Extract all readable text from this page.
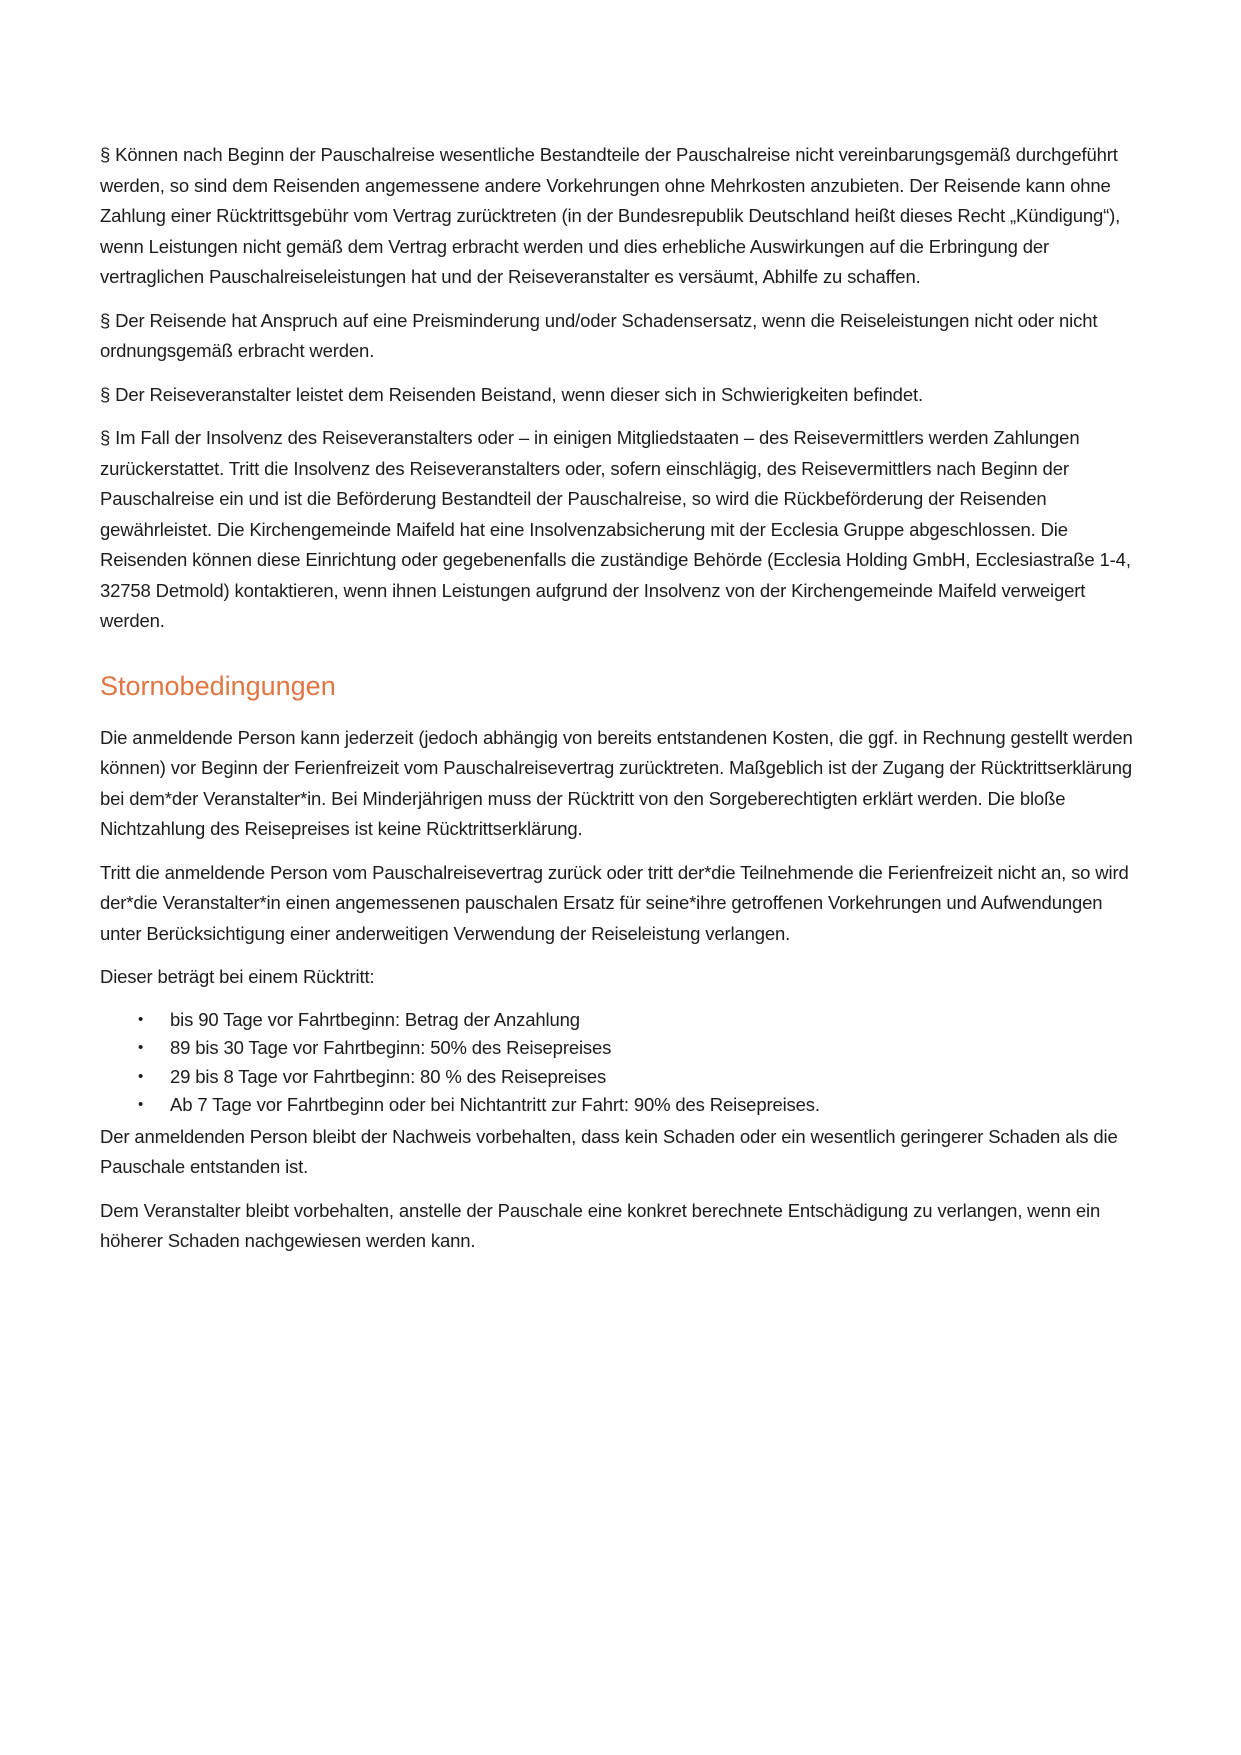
§ Können nach Beginn der Pauschalreise wesentliche Bestandteile der Pauschalreise nicht vereinbarungsgemäß durchgeführt werden, so sind dem Reisenden angemessene andere Vorkehrungen ohne Mehrkosten anzubieten. Der Reisende kann ohne Zahlung einer Rücktrittsgebühr vom Vertrag zurücktreten (in der Bundesrepublik Deutschland heißt dieses Recht „Kündigung“), wenn Leistungen nicht gemäß dem Vertrag erbracht werden und dies erhebliche Auswirkungen auf die Erbringung der vertraglichen Pauschalreiseleistungen hat und der Reiseveranstalter es versäumt, Abhilfe zu schaffen.

§ Der Reisende hat Anspruch auf eine Preisminderung und/oder Schadensersatz, wenn die Reiseleistungen nicht oder nicht ordnungsgemäß erbracht werden.

§ Der Reiseveranstalter leistet dem Reisenden Beistand, wenn dieser sich in Schwierigkeiten befindet.

§ Im Fall der Insolvenz des Reiseveranstalters oder – in einigen Mitgliedstaaten – des Reisevermittlers werden Zahlungen zurückerstattet. Tritt die Insolvenz des Reiseveranstalters oder, sofern einschlägig, des Reisevermittlers nach Beginn der Pauschalreise ein und ist die Beförderung Bestandteil der Pauschalreise, so wird die Rückbeförderung der Reisenden gewährleistet. Die Kirchengemeinde Maifeld hat eine Insolvenzabsicherung mit der Ecclesia Gruppe abgeschlossen. Die Reisenden können diese Einrichtung oder gegebenenfalls die zuständige Behörde (Ecclesia Holding GmbH, Ecclesiastraße 1-4, 32758 Detmold) kontaktieren, wenn ihnen Leistungen aufgrund der Insolvenz von der Kirchengemeinde Maifeld verweigert werden.

Stornobedingungen

Die anmeldende Person kann jederzeit (jedoch abhängig von bereits entstandenen Kosten, die ggf. in Rechnung gestellt werden können) vor Beginn der Ferienfreizeit vom Pauschalreisevertrag zurücktreten. Maßgeblich ist der Zugang der Rücktrittserklärung bei dem*der Veranstalter*in. Bei Minderjährigen muss der Rücktritt von den Sorgeberechtigten erklärt werden. Die bloße Nichtzahlung des Reisepreises ist keine Rücktrittserklärung.

Tritt die anmeldende Person vom Pauschalreisevertrag zurück oder tritt der*die Teilnehmende die Ferienfreizeit nicht an, so wird der*die Veranstalter*in einen angemessenen pauschalen Ersatz für seine*ihre getroffenen Vorkehrungen und Aufwendungen unter Berücksichtigung einer anderweitigen Verwendung der Reiseleistung verlangen.

Dieser beträgt bei einem Rücktritt:

• bis 90 Tage vor Fahrtbeginn: Betrag der Anzahlung
• 89 bis 30 Tage vor Fahrtbeginn: 50% des Reisepreises
• 29 bis 8 Tage vor Fahrtbeginn: 80 % des Reisepreises
• Ab 7 Tage vor Fahrtbeginn oder bei Nichtantritt zur Fahrt: 90% des Reisepreises.

Der anmeldenden Person bleibt der Nachweis vorbehalten, dass kein Schaden oder ein wesentlich geringerer Schaden als die Pauschale entstanden ist.

Dem Veranstalter bleibt vorbehalten, anstelle der Pauschale eine konkret berechnete Entschädigung zu verlangen, wenn ein höherer Schaden nachgewiesen werden kann.
